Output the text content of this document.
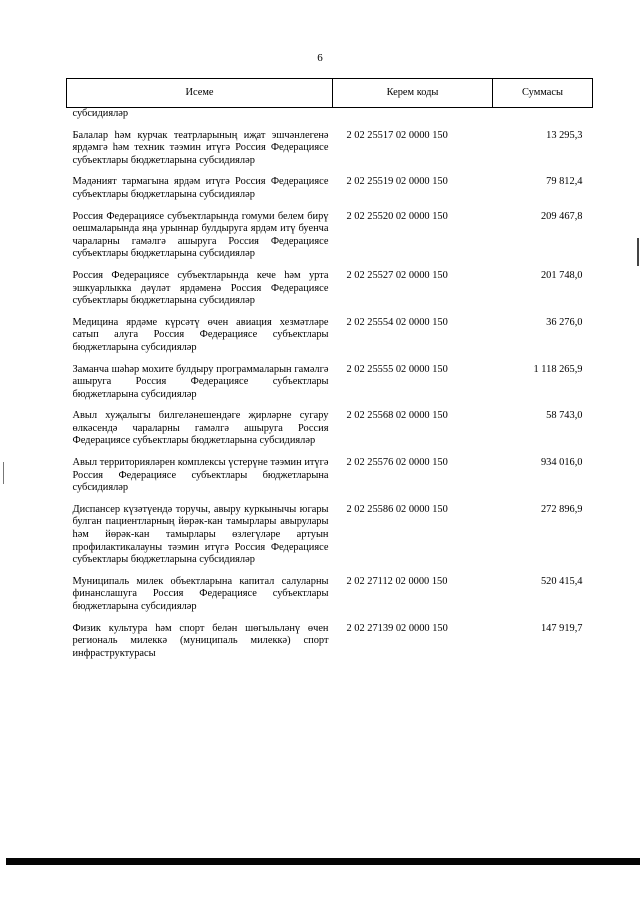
6
Исеме	Керем коды	Суммасы
субсидияләр		
Балалар һәм курчак театрларының иҗат эшчәнлегенә ярдәмгә һәм техник тәэмин итүгә Россия Федерациясе субъектлары бюджетларына субсидияләр	2 02 25517 02 0000 150	13 295,3
Мәдәният тармагына ярдәм итүгә Россия Федерациясе субъектлары бюджетларына субсидияләр	2 02 25519 02 0000 150	79 812,4
Россия Федерациясе субъектларында гомуми белем бирү оешмаларында яңа урыннар булдыруга ярдәм итү буенча чараларны гамәлгә ашыруга Россия Федерациясе субъектлары бюджетларына субсидияләр	2 02 25520 02 0000 150	209 467,8
Россия Федерациясе субъектларында кече һәм урта эшкуарлыкка дәүләт ярдәменә Россия Федерациясе субъектлары бюджетларына субсидияләр	2 02 25527 02 0000 150	201 748,0
Медицина ярдәме күрсәтү өчен авиация хезмәтләре сатып алуга Россия Федерациясе субъектлары бюджетларына субсидияләр	2 02 25554 02 0000 150	36 276,0
Заманча шәһәр мохите булдыру программаларын гамәлгә ашыруга Россия Федерациясе субъектлары бюджетларына субсидияләр	2 02 25555 02 0000 150	1 118 265,9
Авыл хуҗалыгы билгеләнешендәге җирләрне сугару өлкәсендә чараларны гамәлгә ашыруга Россия Федерациясе субъектлары бюджетларына субсидияләр	2 02 25568 02 0000 150	58 743,0
Авыл территорияләрен комплексы үстерүне тәэмин итүгә Россия Федерациясе субъектлары бюджетларына субсидияләр	2 02 25576 02 0000 150	934 016,0
Диспансер күзәтүендә торучы, авыру куркынычы югары булган пациентларның йөрәк-кан тамырлары авырулары һәм йөрәк-кан тамырлары өзлегүләре артуын профилактикалауны тәэмин итүгә Россия Федерациясе субъектлары бюджетларына субсидияләр	2 02 25586 02 0000 150	272 896,9
Муниципаль милек объектларына капитал салуларны финанслашуга Россия Федерациясе субъектлары бюджетларына субсидияләр	2 02 27112 02 0000 150	520 415,4
Физик культура һәм спорт белән шөгыльләнү өчен региональ милеккә (муниципаль милеккә) спорт инфраструктурасы	2 02 27139 02 0000 150	147 919,7
